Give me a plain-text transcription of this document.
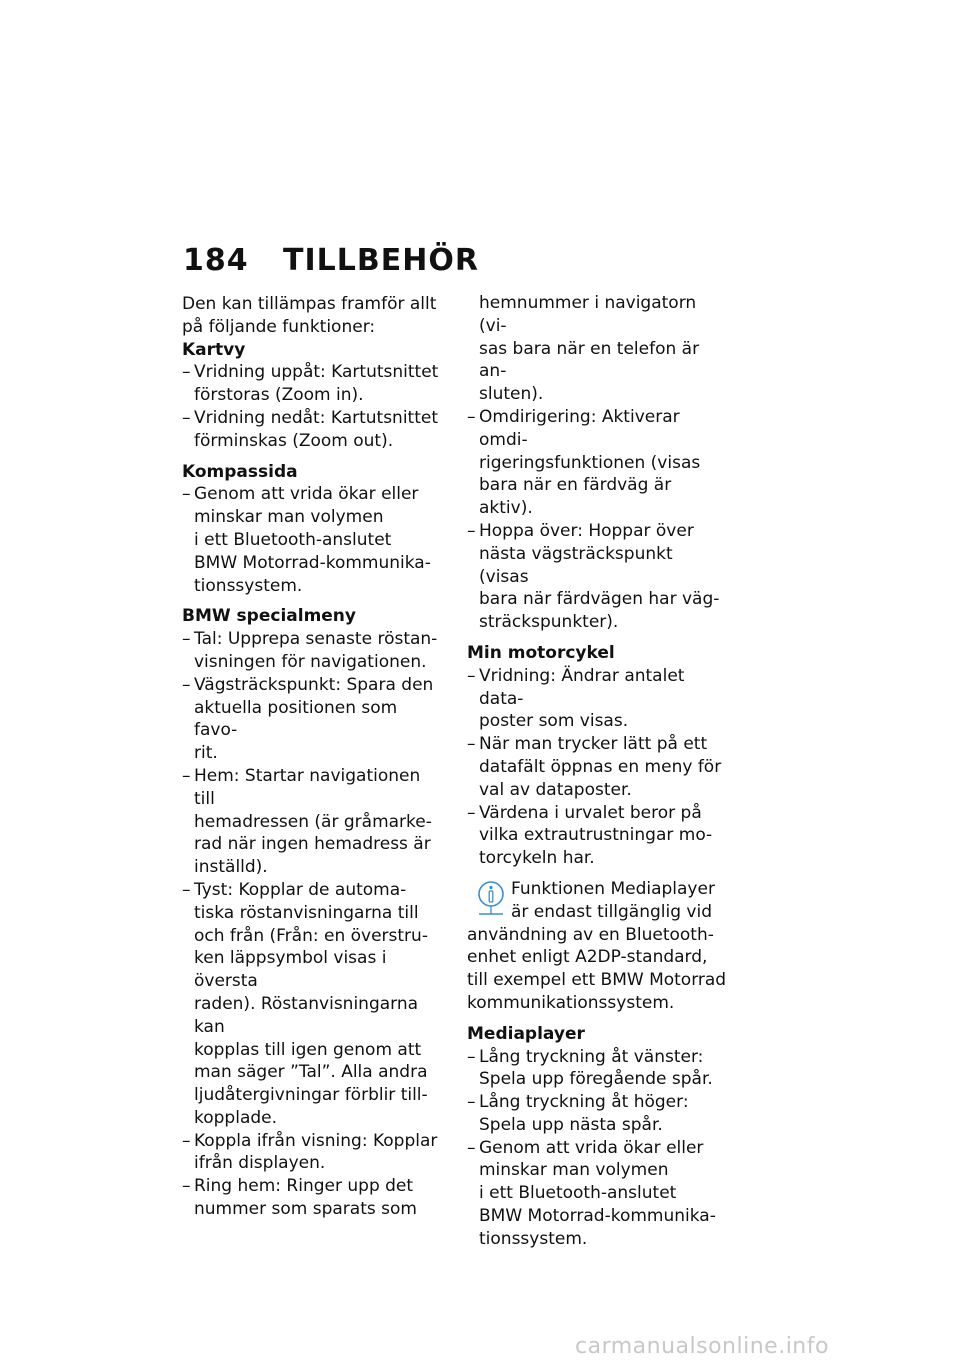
184 TILLBEHÖR

Den kan tillämpas framför allt

på följande funktioner:

Kartvy
– Vridning uppåt: Kartutsnittet
förstoras (Zoom in).
– Vridning nedåt: Kartutsnittet
förminskas (Zoom out).
Kompassida
– Genom att vrida ökar eller
minskar man volymen
i ett Bluetooth-anslutet
BMW Motorrad-kommunika-
tionssystem.
BMW specialmeny
– Tal: Upprepa senaste röstan-
visningen för navigationen.
– Vägsträckspunkt: Spara den
aktuella positionen som favo-
rit.
– Hem: Startar navigationen till
hemadressen (är gråmarke-
rad när ingen hemadress är
inställd).
– Tyst: Kopplar de automa-
tiska röstanvisningarna till
och från (Från: en överstru-
ken läppsymbol visas i översta
raden). Röstanvisningarna kan
kopplas till igen genom att
man säger ”Tal”. Alla andra
ljudåtergivningar förblir till-
kopplade.
– Koppla ifrån visning: Kopplar
ifrån displayen.
– Ring hem: Ringer upp det
nummer som sparats som
hemnummer i navigatorn (vi-
sas bara när en telefon är an-
sluten).
– Omdirigering: Aktiverar omdi-
rigeringsfunktionen (visas
bara när en färdväg är aktiv).
– Hoppa över: Hoppar över
nästa vägsträckspunkt (visas
bara när färdvägen har väg-
sträckspunkter).
Min motorcykel
– Vridning: Ändrar antalet data-
poster som visas.
– När man trycker lätt på ett
datafält öppnas en meny för
val av dataposter.
– Värdena i urvalet beror på
vilka extrautrustningar mo-
torcykeln har.

Funktionen Mediaplayer

är endast tillgänglig vid

användning av en Bluetooth-

enhet enligt A2DP-standard,

till exempel ett BMW Motorrad

kommunikationssystem.

Mediaplayer
– Lång tryckning åt vänster:
Spela upp föregående spår.
– Lång tryckning åt höger:
Spela upp nästa spår.
– Genom att vrida ökar eller
minskar man volymen
i ett Bluetooth-anslutet
BMW Motorrad-kommunika-
tionssystem.
carmanualsonline.info
